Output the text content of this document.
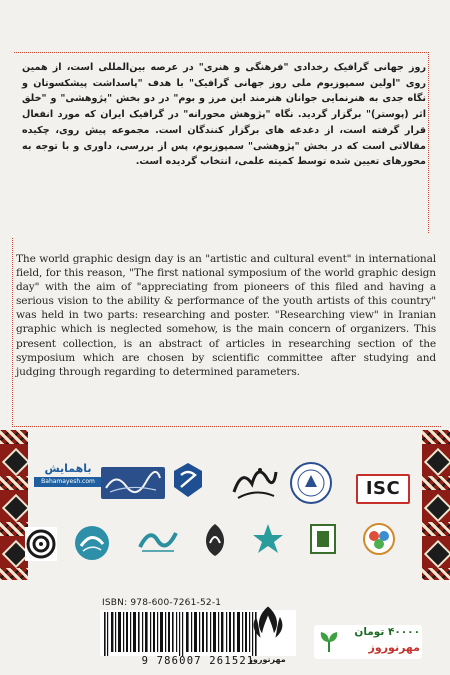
روز جهانی گرافیک رخدادی "فرهنگی و هنری" در عرصه بین‌المللی است، از همین روی "اولین سمپوزیوم ملی روز جهانی گرافیک" با هدف "پاسداشت پیشکسوتان و نگاه جدی به هنرنمایی جوانان هنرمند این مرز و بوم" در دو بخش "پژوهشی" و "خلق اثر (پوستر)" برگزار گردید. نگاه "پژوهش محورانه" در گرافیک ایران که مورد انفعال قرار گرفته است، از دغدغه های برگزار کنندگان است. مجموعه پیش روی، چکیده مقالاتی است که در بخش "پژوهشی" سمپوزیوم، پس از بررسی، داوری و با توجه به محورهای تعیین شده توسط کمیته علمی، انتخاب گردیده است.
The world graphic design day is an "artistic and cultural event" in international field, for this reason, "The first national symposium of the world graphic design day" with the aim of "appreciating from pioneers of this filed and having a serious vision to the ability & performance of the youth artists of this country" was held in two parts: researching and poster. "Researching view" in Iranian graphic which is neglected somehow, is the main concern of organizers. This present collection, is an abstract of articles in researching section of the symposium which are chosen by scientific committee after studying and judging through regarding to determined parameters.
باهمایش
Bahamayesh.com	ISC
ISBN: 978-600-7261-52-1
9 786007 261521
مهرنوروز
۴۰۰۰۰ تومان
مهرنوروز
